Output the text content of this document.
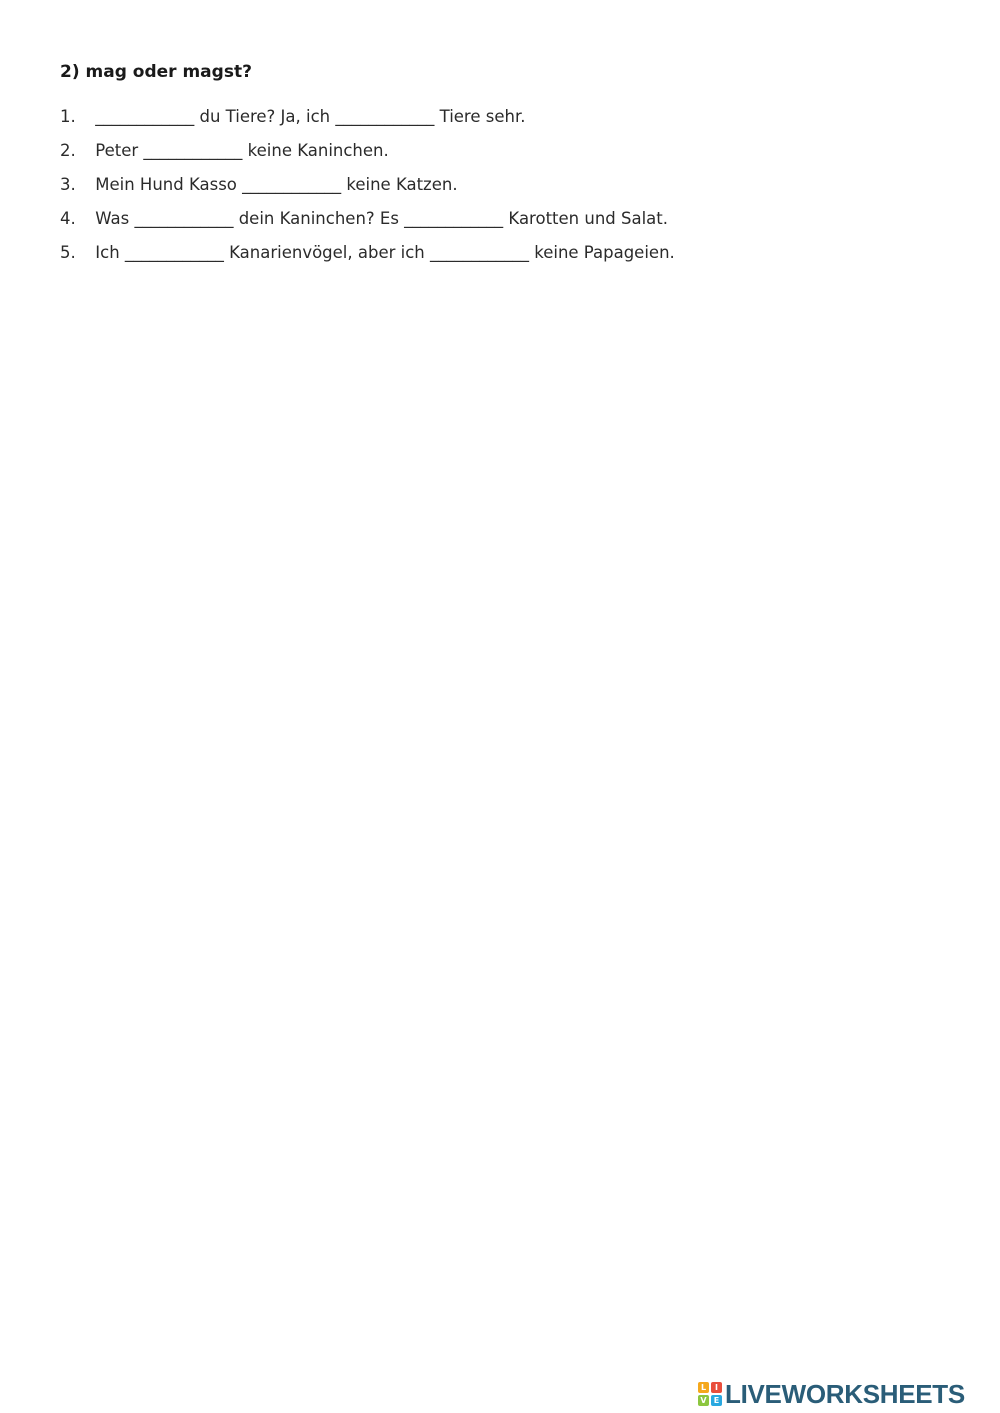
2) mag oder magst?
1. ____________ du Tiere? Ja, ich ____________ Tiere sehr.
2. Peter ____________ keine Kaninchen.
3. Mein Hund Kasso ____________ keine Katzen.
4. Was ____________ dein Kaninchen? Es ____________ Karotten und Salat.
5. Ich ____________ Kanarienvögel, aber ich ____________ keine Papageien.
L	I
V E LIVEWORKSHEETS
